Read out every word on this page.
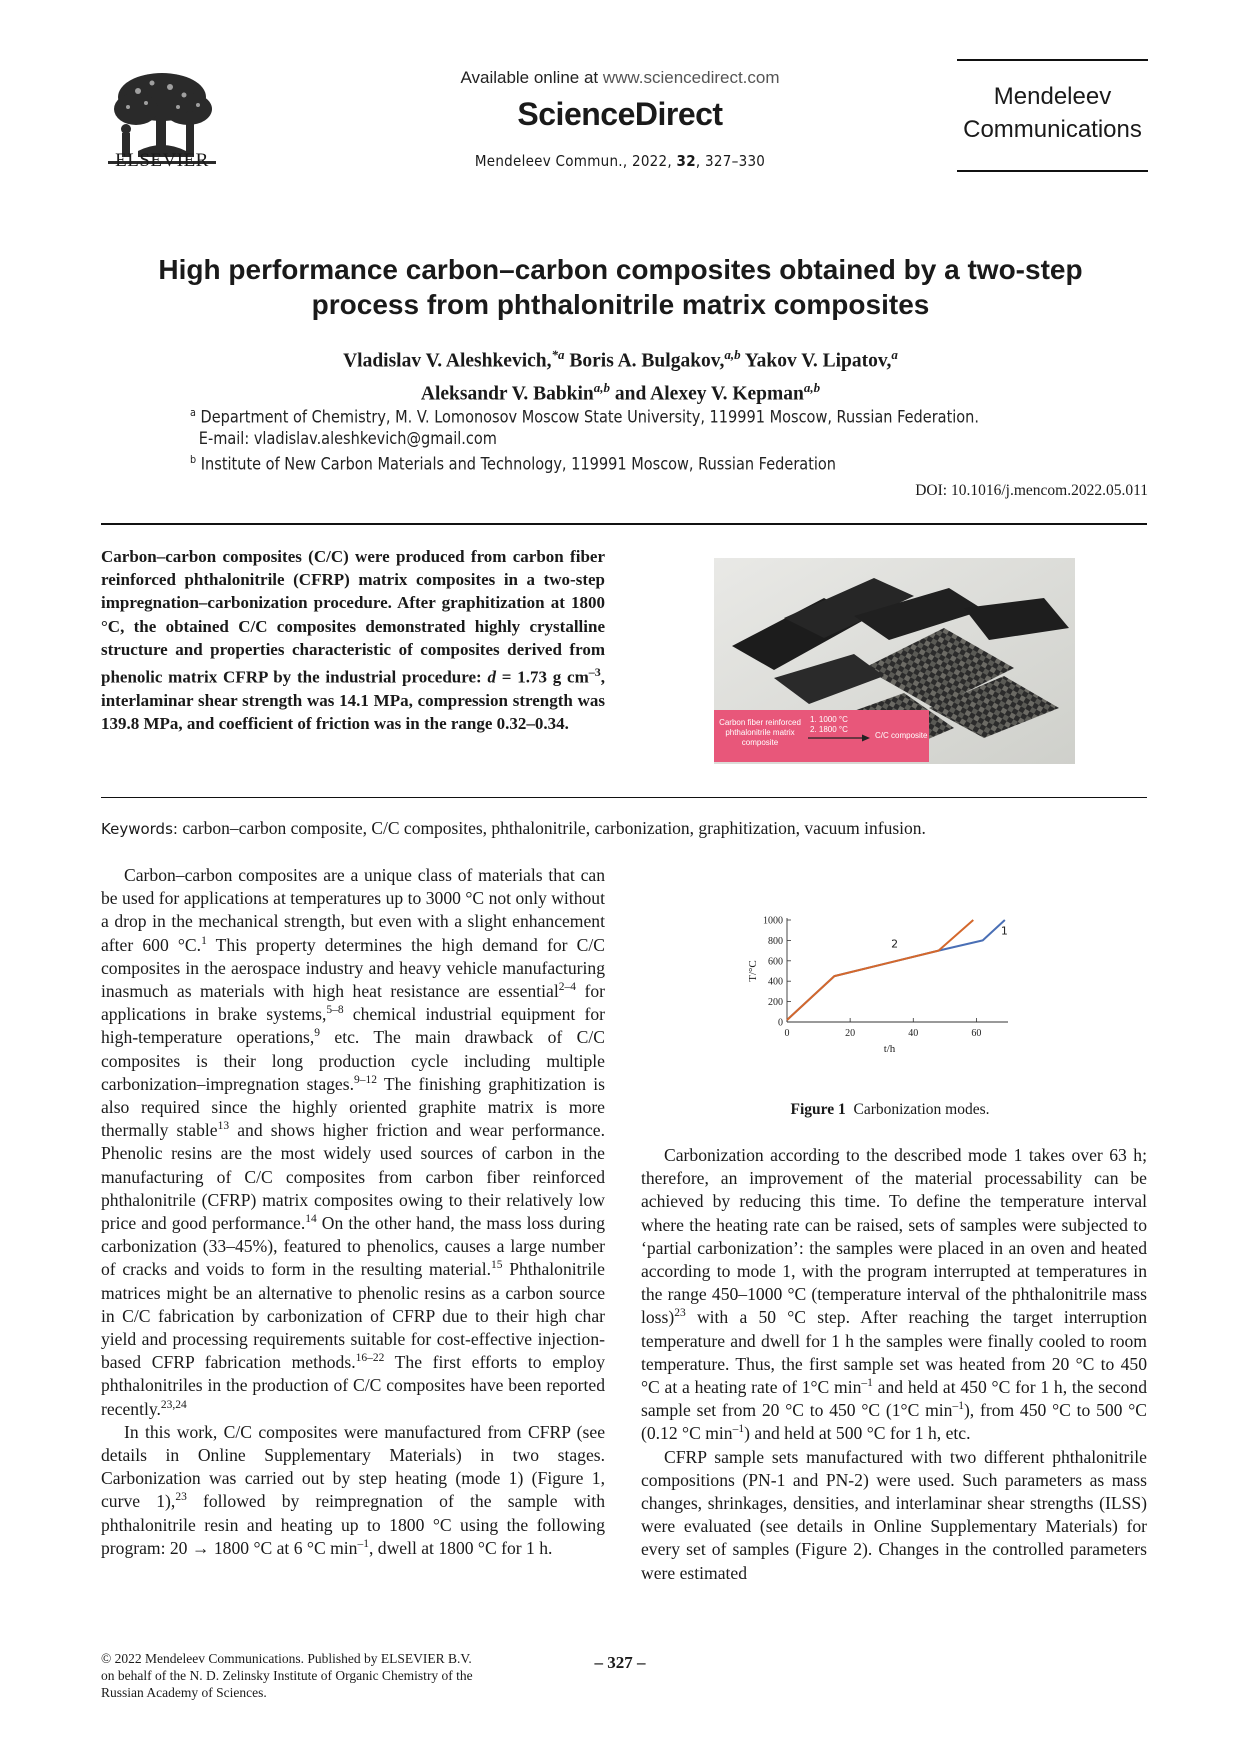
ELSEVIER
Available online at www.sciencedirect.com
ScienceDirect
Mendeleev Commun., 2022, 32, 327–330
Mendeleev
Communications
High performance carbon–carbon composites obtained by a two-step
process from phthalonitrile matrix composites
Vladislav V. Aleshkevich,$^{*a}$ Boris A. Bulgakov,$^{a,b}$ Yakov V. Lipatov,$^a$
Aleksandr V. Babkin$^{a,b}$ and Alexey V. Kepman$^{a,b}$
$^a$ Department of Chemistry, M. V. Lomonosov Moscow State University, 119991 Moscow, Russian Federation.
E-mail: vladislav.aleshkevich@gmail.com
$^b$ Institute of New Carbon Materials and Technology, 119991 Moscow, Russian Federation
DOI: 10.1016/j.mencom.2022.05.011
Carbon–carbon composites (C/C) were produced from carbon fiber reinforced phthalonitrile (CFRP) matrix composites in a two-step impregnation–carbonization procedure. After graphitization at 1800 °C, the obtained C/C composites demonstrated highly crystalline structure and properties characteristic of composites derived from phenolic matrix CFRP by the industrial procedure: d = 1.73 g $cm^{-3}$, interlaminar shear strength was 14.1 MPa, compression strength was 139.8 MPa, and coefficient of friction was in the range 0.32–0.34.	Carbon fiber reinforced
phthalonitrile matrix
composite
1. 1000 °C
2. 1800 °C
C/C composite
Keywords: carbon–carbon composite, C/C composites, phthalonitrile, carbonization, graphitization, vacuum infusion.

Carbon–carbon composites are a unique class of materials that can be used for applications at temperatures up to 3000 °C not only without a drop in the mechanical strength, but even with a slight enhancement after 600 °C.$^1$ This property determines the high demand for C/C composites in the aerospace industry and heavy vehicle manufacturing inasmuch as materials with high heat resistance are essential$^{2-4}$ for applications in brake systems,$^{5-8}$ chemical industrial equipment for high-temperature operations,$^9$ etc. The main drawback of C/C composites is their long production cycle including multiple carbonization–impregnation stages.$^{9-12}$ The finishing graphitization is also required since the highly oriented graphite matrix is more thermally stable$^{13}$ and shows higher friction and wear performance. Phenolic resins are the most widely used sources of carbon in the manufacturing of C/C composites from carbon fiber reinforced phthalonitrile (CFRP) matrix composites owing to their relatively low price and good performance.$^{14}$ On the other hand, the mass loss during carbonization (33–45%), featured to phenolics, causes a large number of cracks and voids to form in the resulting material.$^{15}$ Phthalonitrile matrices might be an alternative to phenolic resins as a carbon source in C/C fabrication by carbonization of CFRP due to their high char yield and processing requirements suitable for cost-effective injection-based CFRP fabrication methods.$^{16-22}$ The first efforts to employ phthalonitriles in the production of C/C composites have been reported recently.$^{23,24}$

In this work, C/C composites were manufactured from CFRP (see details in Online Supplementary Materials) in two stages. Carbonization was carried out by step heating (mode 1) (Figure 1, curve 1),$^{23}$ followed by reimpregnation of the sample with phthalonitrile resin and heating up to 1800 °C using the following program: 20 → 1800 °C at 6 °C $\min^{-1}$, dwell at 1800 °C for 1 h.

0
200
400
600
800
1000
0	20	40	60
1
2
t/h
T/°C
Figure 1 Carbonization modes.

Carbonization according to the described mode 1 takes over 63 h; therefore, an improvement of the material processability can be achieved by reducing this time. To define the temperature interval where the heating rate can be raised, sets of samples were subjected to ‘partial carbonization’: the samples were placed in an oven and heated according to mode 1, with the program interrupted at temperatures in the range 450–1000 °C (temperature interval of the phthalonitrile mass loss)$^{23}$ with a 50 °C step. After reaching the target interruption temperature and dwell for 1 h the samples were finally cooled to room temperature. Thus, the first sample set was heated from 20 °C to 450 °C at a heating rate of 1°C $\min^{-1}$ and held at 450 °C for 1 h, the second sample set from 20 °C to 450 °C (1°C $\min^{-1}$), from 450 °C to 500 °C (0.12 °C $\min^{-1}$) and held at 500 °C for 1 h, etc.

CFRP sample sets manufactured with two different phthalonitrile compositions (PN-1 and PN-2) were used. Such parameters as mass changes, shrinkages, densities, and interlaminar shear strengths (ILSS) were evaluated (see details in Online Supplementary Materials) for every set of samples (Figure 2). Changes in the controlled parameters were estimated

© 2022 Mendeleev Communications. Published by ELSEVIER B.V.
on behalf of the N. D. Zelinsky Institute of Organic Chemistry of the
Russian Academy of Sciences.
– 327 –
